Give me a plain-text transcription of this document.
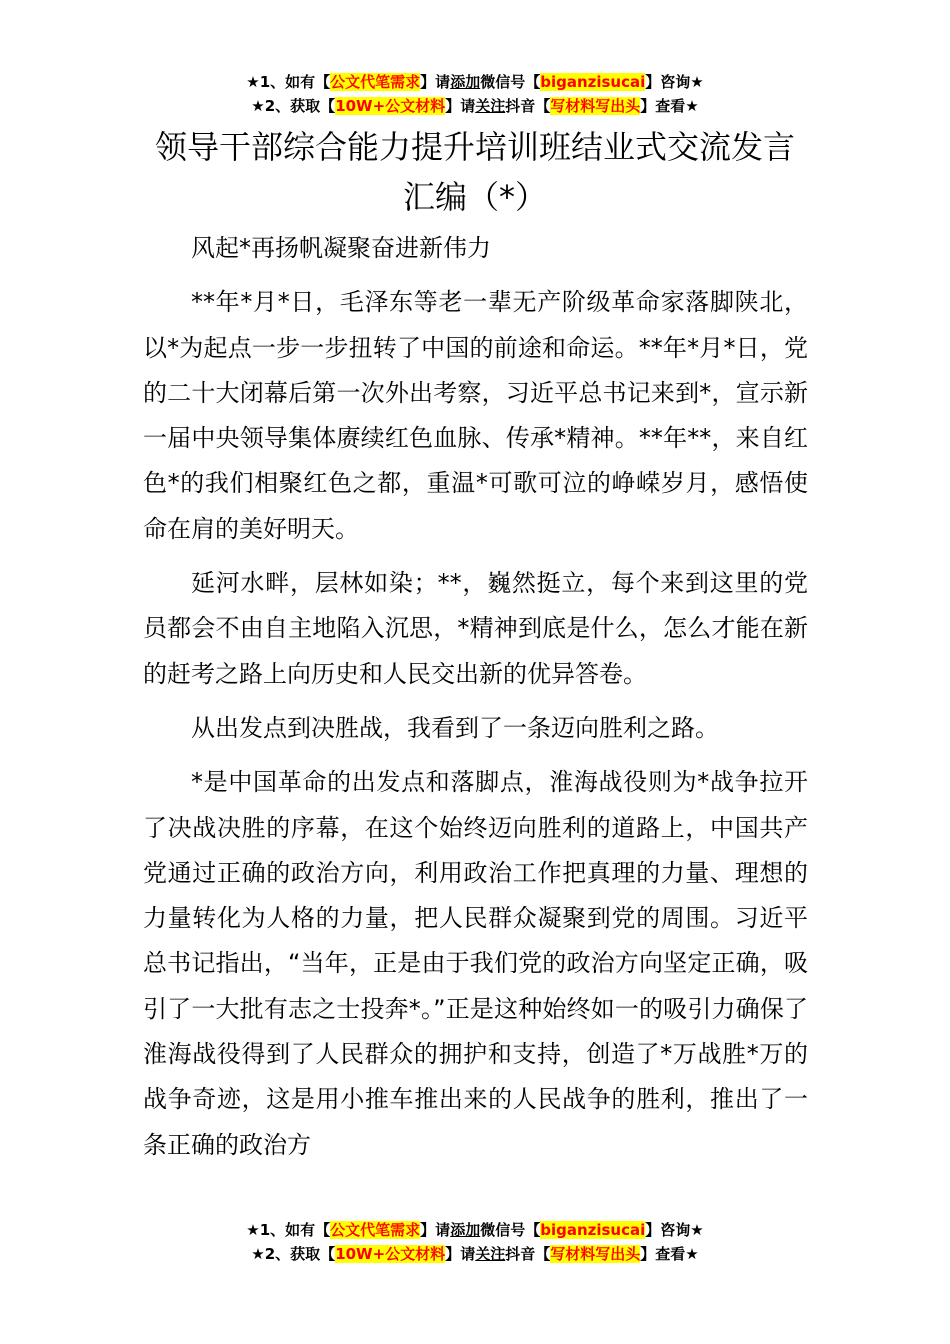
★1、如有【公文代笔需求】请添加微信号【biganzisucai】咨询★
★2、获取【10W+公文材料】请关注抖音【写材料写出头】查看★
领导干部综合能力提升培训班结业式交流发言汇编（*）

风起*再扬帆凝聚奋进新伟力

**年*月*日，毛泽东等老一辈无产阶级革命家落脚陕北，以*为起点一步一步扭转了中国的前途和命运。**年*月*日，党的二十大闭幕后第一次外出考察，习近平总书记来到*，宣示新一届中央领导集体赓续红色血脉、传承*精神。**年**，来自红色*的我们相聚红色之都，重温*可歌可泣的峥嵘岁月，感悟使命在肩的美好明天。

延河水畔，层林如染；**，巍然挺立，每个来到这里的党员都会不由自主地陷入沉思，*精神到底是什么，怎么才能在新的赶考之路上向历史和人民交出新的优异答卷。

从出发点到决胜战，我看到了一条迈向胜利之路。

*是中国革命的出发点和落脚点，淮海战役则为*战争拉开了决战决胜的序幕，在这个始终迈向胜利的道路上，中国共产党通过正确的政治方向，利用政治工作把真理的力量、理想的力量转化为人格的力量，把人民群众凝聚到党的周围。习近平总书记指出，“当年，正是由于我们党的政治方向坚定正确，吸引了一大批有志之士投奔*。”正是这种始终如一的吸引力确保了淮海战役得到了人民群众的拥护和支持，创造了*万战胜*万的战争奇迹，这是用小推车推出来的人民战争的胜利，推出了一条正确的政治方

★1、如有【公文代笔需求】请添加微信号【biganzisucai】咨询★
★2、获取【10W+公文材料】请关注抖音【写材料写出头】查看★
